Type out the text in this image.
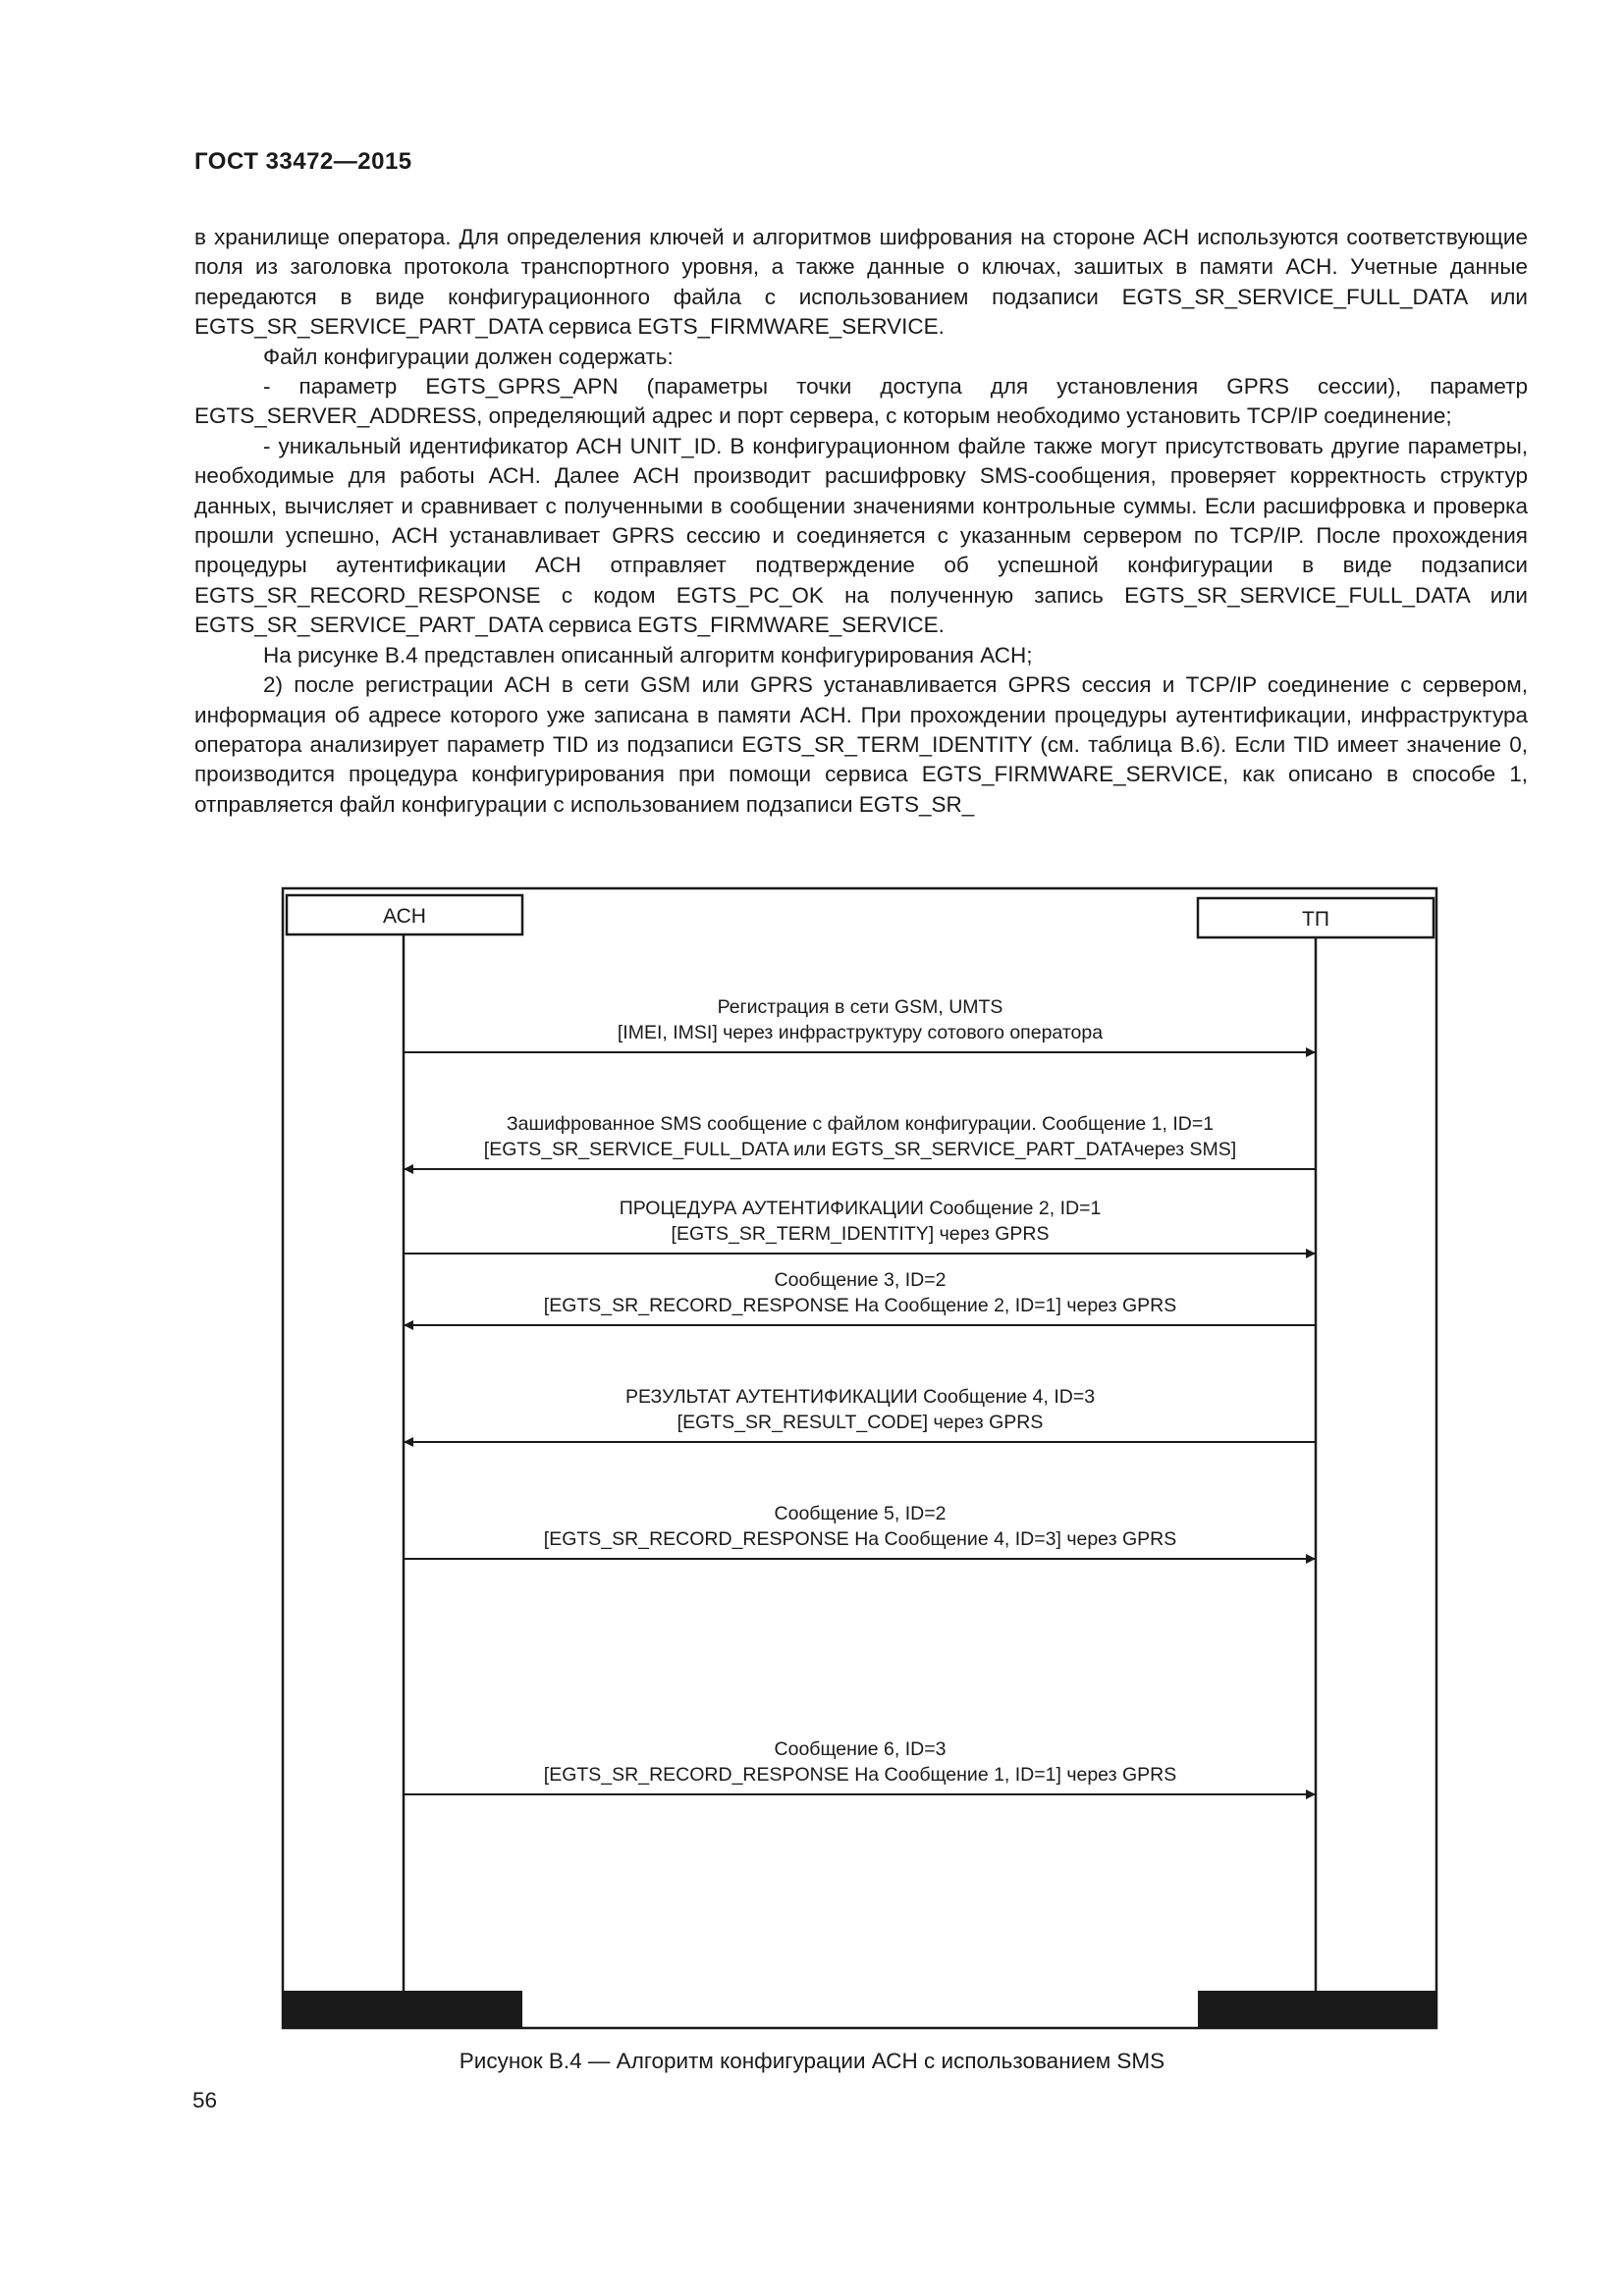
ГОСТ 33472—2015

в хранилище оператора. Для определения ключей и алгоритмов шифрования на стороне АСН используются соответствующие поля из заголовка протокола транспортного уровня, а также данные о ключах, зашитых в памяти АСН. Учетные данные передаются в виде конфигурационного файла с использованием подзаписи EGTS_SR_SERVICE_FULL_DATA или EGTS_SR_SERVICE_PART_DATA сервиса EGTS_FIRMWARE_SERVICE.

Файл конфигурации должен содержать:

- параметр EGTS_GPRS_APN (параметры точки доступа для установления GPRS сессии), параметр EGTS_SERVER_ADDRESS, определяющий адрес и порт сервера, с которым необходимо установить TCP/IP соединение;

- уникальный идентификатор АСН UNIT_ID. В конфигурационном файле также могут присутствовать другие параметры, необходимые для работы АСН. Далее АСН производит расшифровку SMS-сообщения, проверяет корректность структур данных, вычисляет и сравнивает с полученными в сообщении значениями контрольные суммы. Если расшифровка и проверка прошли успешно, АСН устанавливает GPRS сессию и соединяется с указанным сервером по TCP/IP. После прохождения процедуры аутентификации АСН отправляет подтверждение об успешной конфигурации в виде подзаписи EGTS_SR_RECORD_RESPONSE с кодом EGTS_PC_OK на полученную запись EGTS_SR_SERVICE_FULL_DATA или EGTS_SR_SERVICE_PART_DATA сервиса EGTS_FIRMWARE_SERVICE.

На рисунке В.4 представлен описанный алгоритм конфигурирования АСН;

2) после регистрации АСН в сети GSM или GPRS устанавливается GPRS сессия и TCP/IP соединение с сервером, информация об адресе которого уже записана в памяти АСН. При прохождении процедуры аутентификации, инфраструктура оператора анализирует параметр TID из подзаписи EGTS_SR_TERM_IDENTITY (см. таблица В.6). Если TID имеет значение 0, производится процедура конфигурирования при помощи сервиса EGTS_FIRMWARE_SERVICE, как описано в способе 1, отправляется файл конфигурации с использованием подзаписи EGTS_SR_

АСН	ТП
Регистрация в сети GSM, UMTS
[IMEI, IMSI] через инфраструктуру сотового оператора
Зашифрованное SMS сообщение с файлом конфигурации. Сообщение 1, ID=1
[EGTS_SR_SERVICE_FULL_DATA или EGTS_SR_SERVICE_PART_DATAчерез SMS]
ПРОЦЕДУРА АУТЕНТИФИКАЦИИ Сообщение 2, ID=1
[EGTS_SR_TERM_IDENTITY] через GPRS
Сообщение 3, ID=2
[EGTS_SR_RECORD_RESPONSE На Сообщение 2, ID=1] через GPRS
РЕЗУЛЬТАТ АУТЕНТИФИКАЦИИ Сообщение 4, ID=3
[EGTS_SR_RESULT_CODE] через GPRS
Сообщение 5, ID=2
[EGTS_SR_RECORD_RESPONSE На Сообщение 4, ID=3] через GPRS
Сообщение 6, ID=3
[EGTS_SR_RECORD_RESPONSE На Сообщение 1, ID=1] через GPRS
Рисунок В.4 — Алгоритм конфигурации АСН с использованием SMS
56
